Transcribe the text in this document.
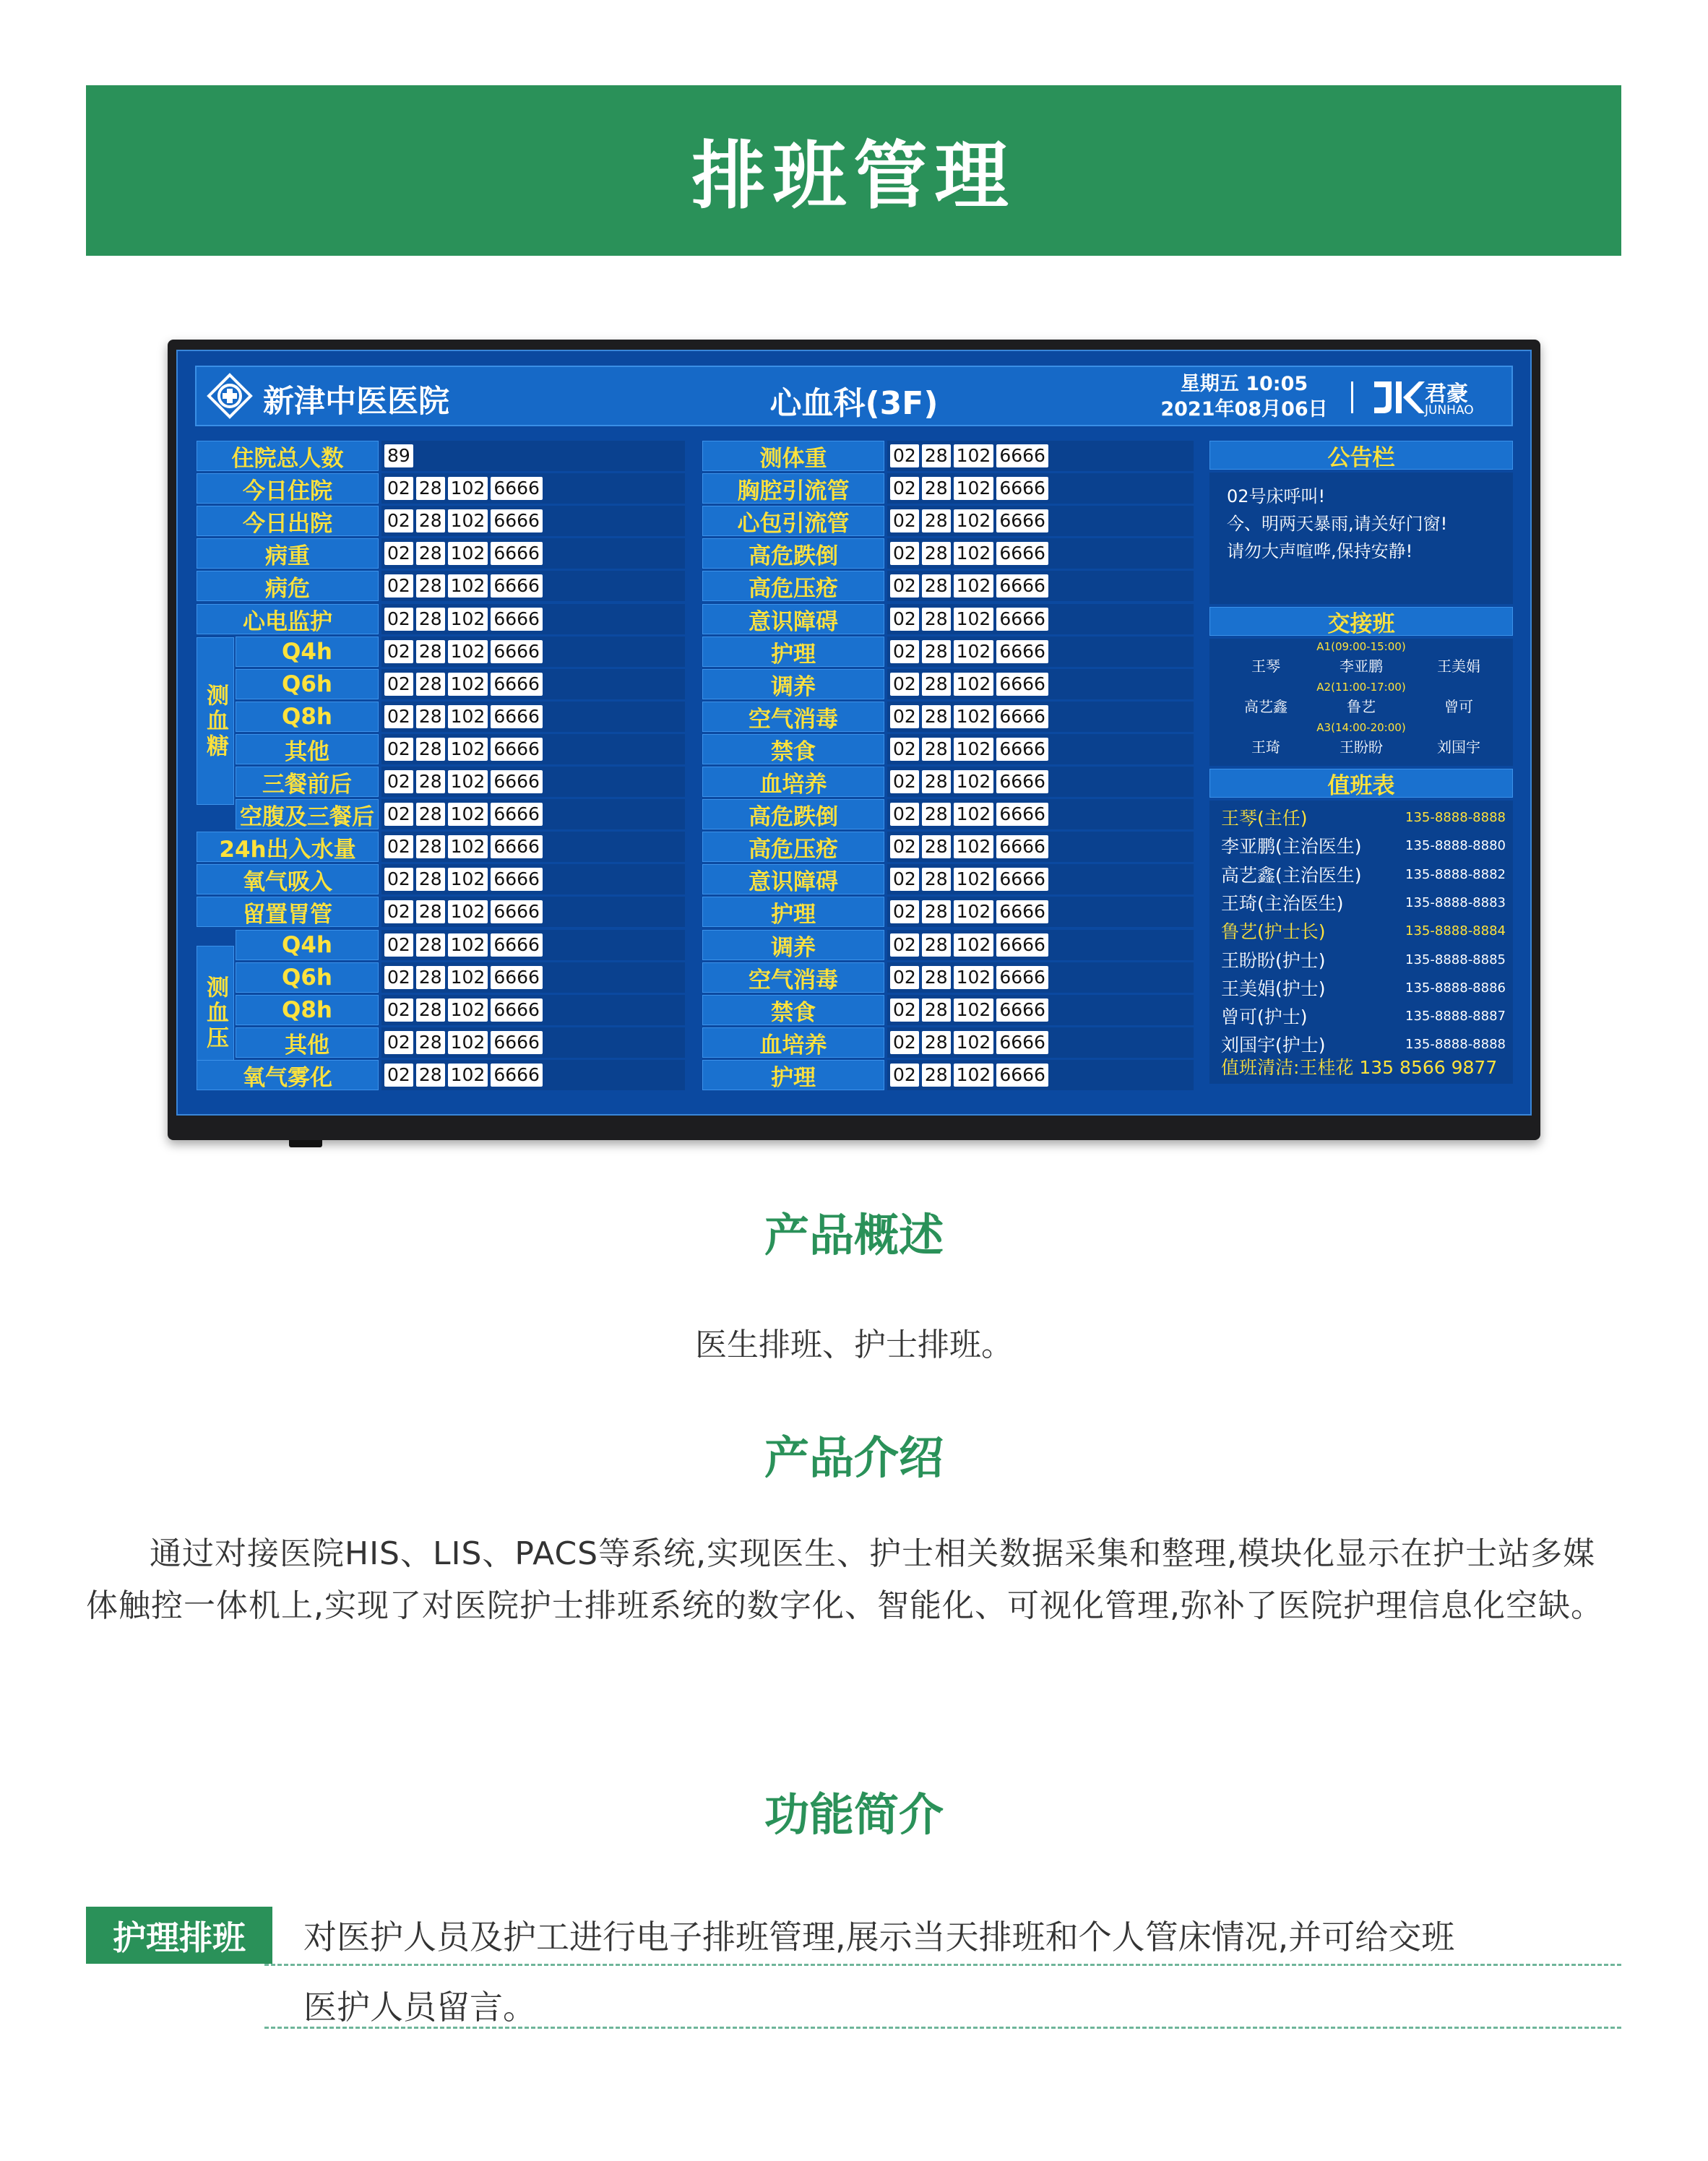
排班管理
新津中医医院	心血科(3F)
星期五 10:05
2021年08月06日
君豪
JUNHAO
测血糖
测血压
公告栏
02号床呼叫!
今、明两天暴雨,请关好门窗!
请勿大声喧哗,保持安静!
交接班
A1(09:00-15:00)
王琴	李亚鹏	王美娟
A2(11:00-17:00)
高艺鑫	鲁艺	曾可
A3(14:00-20:00)
王琦	王盼盼	刘国宇
值班表
王琴(主任)	135-8888-8888
李亚鹏(主治医生)	135-8888-8880
高艺鑫(主治医生)	135-8888-8882
王琦(主治医生)	135-8888-8883
鲁艺(护士长)	135-8888-8884
王盼盼(护士)	135-8888-8885
王美娟(护士)	135-8888-8886
曾可(护士)	135-8888-8887
刘国宇(护士)	135-8888-8888
值班清洁:王桂花 135 8566 9877
住院总人数	89
今日住院	02 28 102 6666
今日出院	02 28 102 6666
病重	02 28 102 6666
病危	02 28 102 6666
心电监护	02 28 102 6666
Q4h	02 28 102 6666
Q6h	02 28 102 6666
Q8h	02 28 102 6666
其他	02 28 102 6666
三餐前后	02 28 102 6666
空腹及三餐后 02 28 102 6666
24h出入水量	02 28 102 6666
氧气吸入	02 28 102 6666
留置胃管	02 28 102 6666
Q4h	02 28 102 6666
Q6h	02 28 102 6666
Q8h	02 28 102 6666
其他	02 28 102 6666
氧气雾化	02 28 102 6666
测体重	02 28 102 6666
胸腔引流管	02 28 102 6666
心包引流管	02 28 102 6666
高危跌倒	02 28 102 6666
高危压疮	02 28 102 6666
意识障碍	02 28 102 6666
护理	02 28 102 6666
调养	02 28 102 6666
空气消毒	02 28 102 6666
禁食	02 28 102 6666
血培养	02 28 102 6666
高危跌倒	02 28 102 6666
高危压疮	02 28 102 6666
意识障碍	02 28 102 6666
护理	02 28 102 6666
调养	02 28 102 6666
空气消毒	02 28 102 6666
禁食	02 28 102 6666
血培养	02 28 102 6666
护理	02 28 102 6666
产品概述
医生排班、护士排班。
产品介绍
通过对接医院HIS、LIS、PACS等系统,实现医生、护士相关数据采集和整理,模块化显示在护士站多媒体触控一体机上,实现了对医院护士排班系统的数字化、智能化、可视化管理,弥补了医院护理信息化空缺。
功能简介
护理排班	对医护人员及护工进行电子排班管理,展示当天排班和个人管床情况,并可给交班
医护人员留言。
